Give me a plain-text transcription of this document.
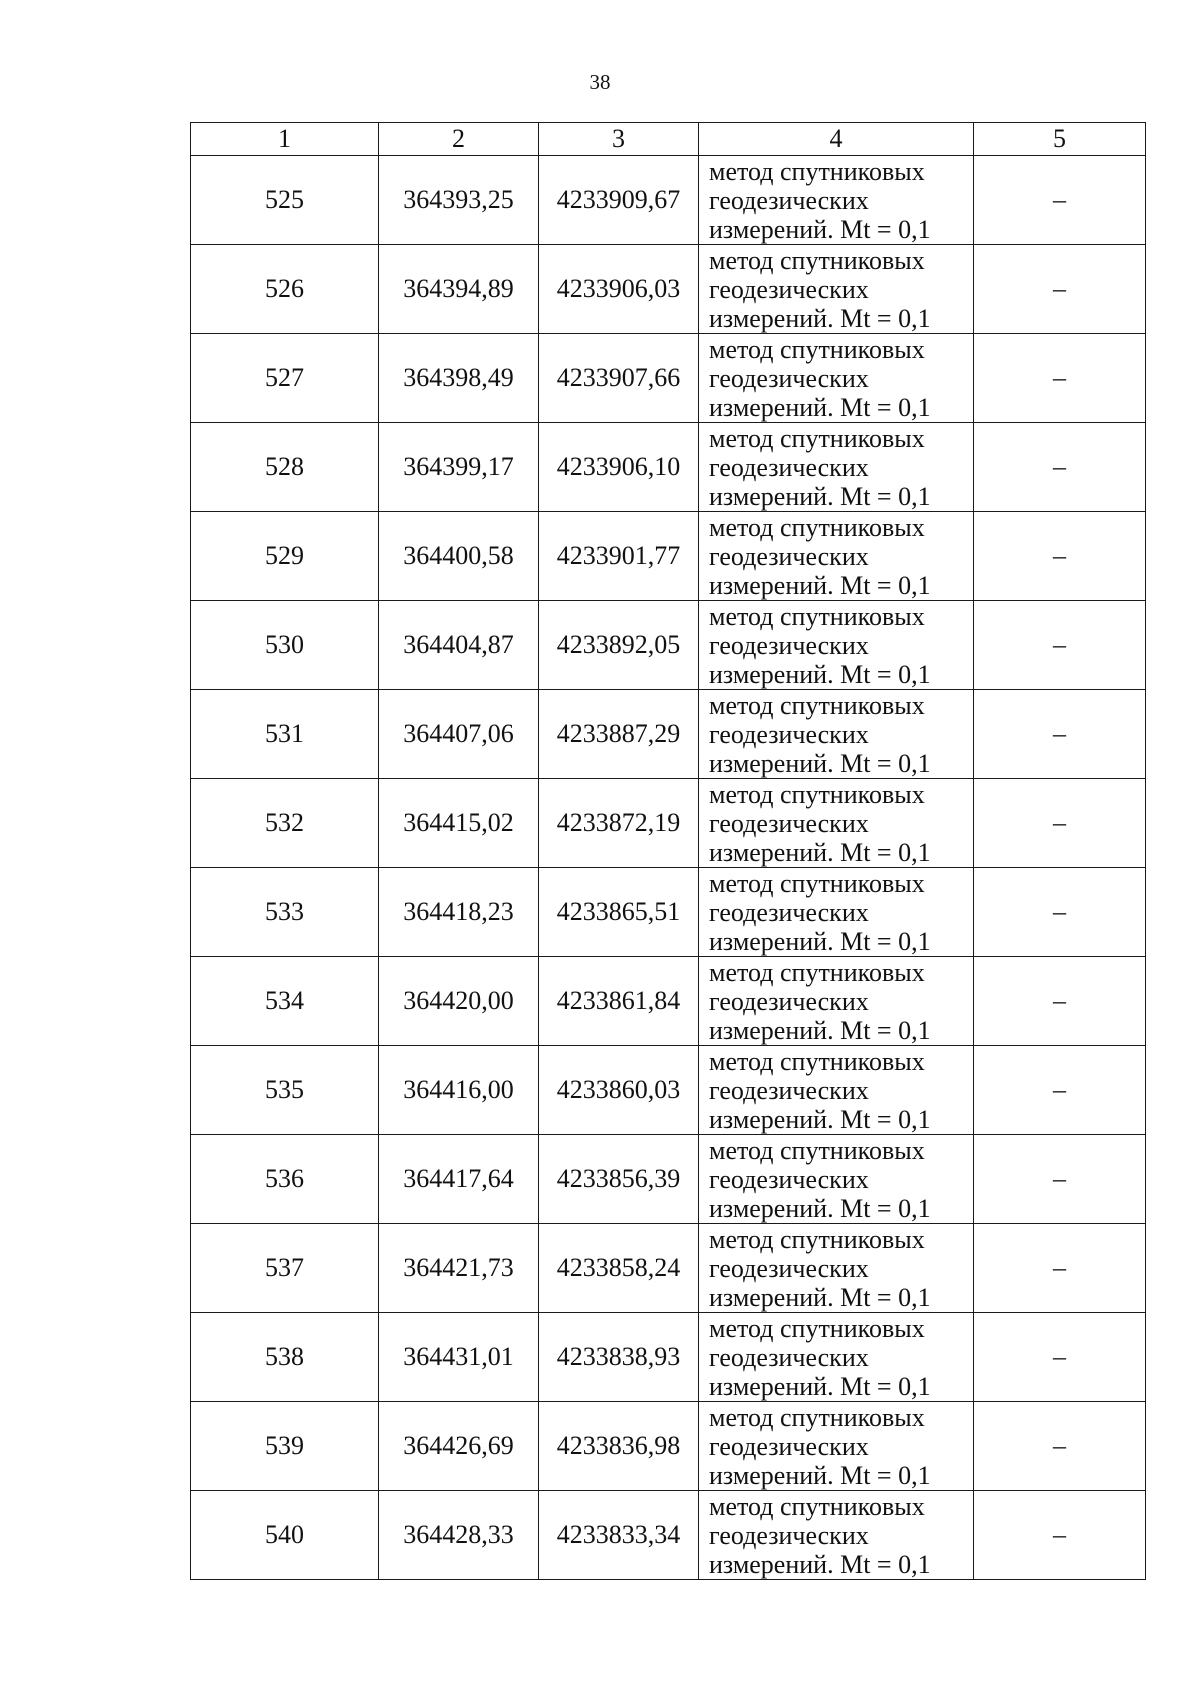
38
1	2	3	4	5
525	364393,25	4233909,67	метод спутниковых
геодезических
измерений. Mt = 0,1	–
526	364394,89	4233906,03	метод спутниковых
геодезических
измерений. Mt = 0,1	–
527	364398,49	4233907,66	метод спутниковых
геодезических
измерений. Mt = 0,1	–
528	364399,17	4233906,10	метод спутниковых
геодезических
измерений. Mt = 0,1	–
529	364400,58	4233901,77	метод спутниковых
геодезических
измерений. Mt = 0,1	–
530	364404,87	4233892,05	метод спутниковых
геодезических
измерений. Mt = 0,1	–
531	364407,06	4233887,29	метод спутниковых
геодезических
измерений. Mt = 0,1	–
532	364415,02	4233872,19	метод спутниковых
геодезических
измерений. Mt = 0,1	–
533	364418,23	4233865,51	метод спутниковых
геодезических
измерений. Mt = 0,1	–
534	364420,00	4233861,84	метод спутниковых
геодезических
измерений. Mt = 0,1	–
535	364416,00	4233860,03	метод спутниковых
геодезических
измерений. Mt = 0,1	–
536	364417,64	4233856,39	метод спутниковых
геодезических
измерений. Mt = 0,1	–
537	364421,73	4233858,24	метод спутниковых
геодезических
измерений. Mt = 0,1	–
538	364431,01	4233838,93	метод спутниковых
геодезических
измерений. Mt = 0,1	–
539	364426,69	4233836,98	метод спутниковых
геодезических
измерений. Mt = 0,1	–
540	364428,33	4233833,34	метод спутниковых
геодезических
измерений. Mt = 0,1	–
